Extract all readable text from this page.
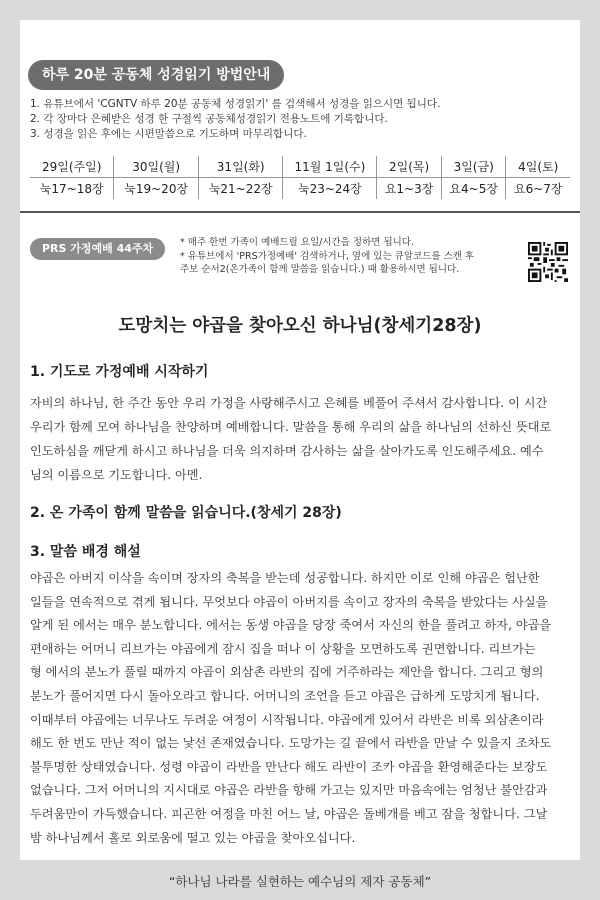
하루 20분 공동체 성경읽기 방법안내
1. 유튜브에서 'CGNTV 하루 20분 공동체 성경읽기' 를 검색해서 성경을 읽으시면 됩니다.
2. 각 장마다 은혜받은 성경 한 구절씩 공동체성경읽기 전용노트에 기록합니다.
3. 성경을 읽은 후에는 시편말씀으로 기도하며 마무리합니다.
29일(주일)	30일(월)	31일(화)	11월 1일(수)	2일(목)	3일(금)	4일(토)
눅17~18장	눅19~20장	눅21~22장	눅23~24장	요1~3장	요4~5장	요6~7장
PRS 가정예배 44주차	* 매주 한번 가족이 예배드릴 요일/시간을 정하면 됩니다.
* 유튜브에서 'PRS가정예배' 검색하거나, 옆에 있는 큐알코드를 스캔 후
주보 순서2(온가족이 함께 말씀을 읽습니다.) 때 활용하시면 됩니다.
도망치는 야곱을 찾아오신 하나님(창세기28장)
1. 기도로 가정예배 시작하기
자비의 하나님, 한 주간 동안 우리 가정을 사랑해주시고 은혜를 베풀어 주셔서 감사합니다. 이 시간
우리가 함께 모여 하나님을 찬양하며 예배합니다. 말씀을 통해 우리의 삶을 하나님의 선하신 뜻대로
인도하심을 깨닫게 하시고 하나님을 더욱 의지하며 감사하는 삶을 살아가도록 인도해주세요. 예수
님의 이름으로 기도합니다. 아멘.
2. 온 가족이 함께 말씀을 읽습니다.(창세기 28장)
3. 말씀 배경 해설
야곱은 아버지 이삭을 속이며 장자의 축복을 받는데 성공합니다. 하지만 이로 인해 야곱은 험난한
일들을 연속적으로 겪게 됩니다. 무엇보다 야곱이 아버지를 속이고 장자의 축복을 받았다는 사실을
알게 된 에서는 매우 분노합니다. 에서는 동생 야곱을 당장 죽여서 자신의 한을 풀려고 하자, 야곱을
편애하는 어머니 리브가는 야곱에게 잠시 집을 떠나 이 상황을 모면하도록 권면합니다. 리브가는
형 에서의 분노가 풀릴 때까지 야곱이 외삼촌 라반의 집에 거주하라는 제안을 합니다. 그리고 형의
분노가 풀어지면 다시 돌아오라고 합니다. 어머니의 조언을 듣고 야곱은 급하게 도망치게 됩니다.
이때부터 야곱에는 너무나도 두려운 여정이 시작됩니다. 야곱에게 있어서 라반은 비록 외삼촌이라
해도 한 번도 만난 적이 없는 낯선 존재였습니다. 도망가는 길 끝에서 라반을 만날 수 있을지 조차도
불투명한 상태였습니다. 성령 야곱이 라반을 만난다 해도 라반이 조카 야곱을 환영해준다는 보장도
없습니다. 그저 어머니의 지시대로 야곱은 라반을 향해 가고는 있지만 마음속에는 엄청난 불안감과
두려움만이 가득했습니다. 피곤한 여정을 마친 어느 날, 야곱은 돌베개를 베고 잠을 청합니다. 그날
밤 하나님께서 홀로 외로움에 떨고 있는 야곱을 찾아오십니다.
“하나님 나라를 실현하는 예수님의 제자 공동체”
